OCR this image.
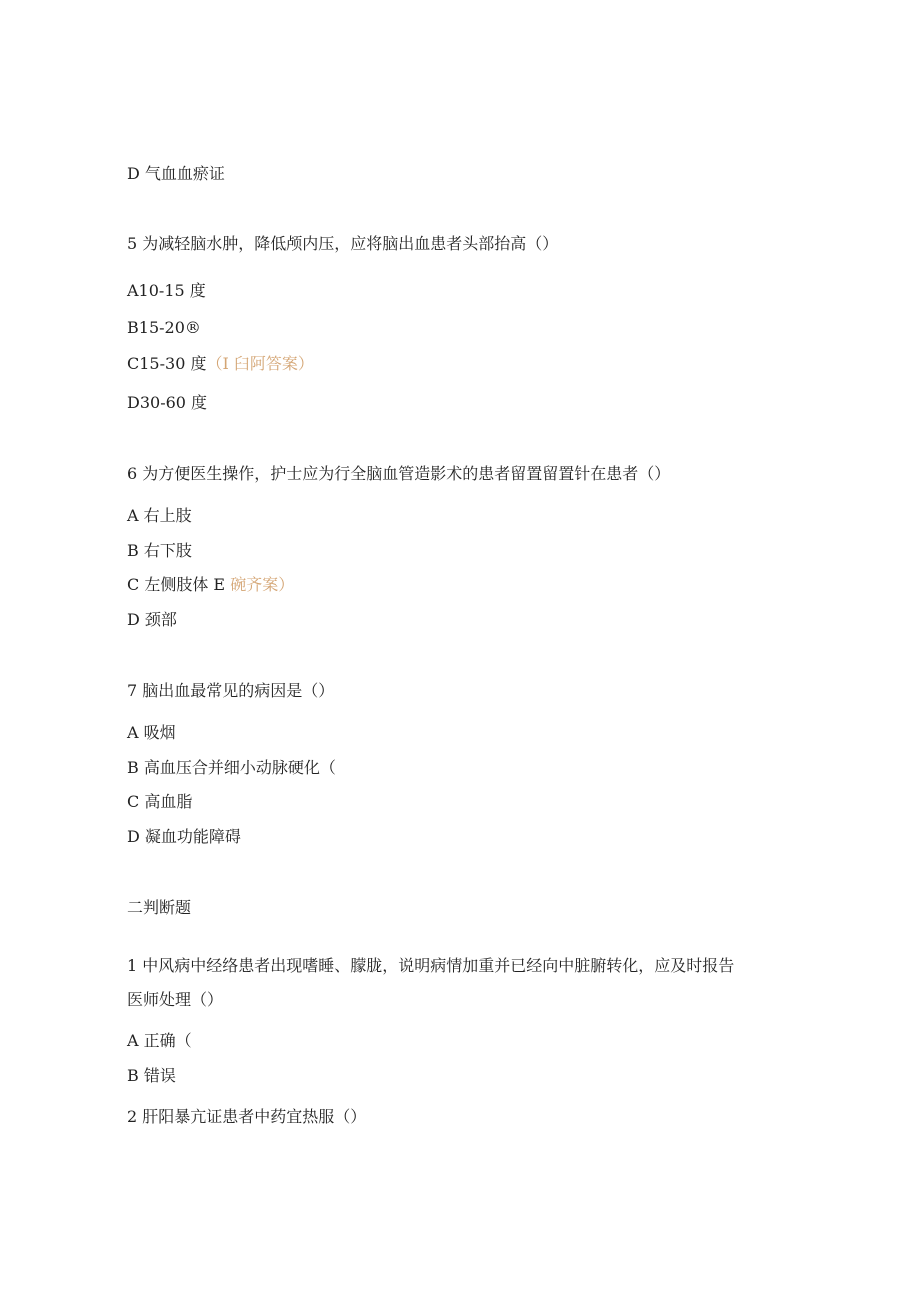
D 气血血瘀证
5 为减轻脑水肿，降低颅内压，应将脑出血患者头部抬高（）
A10-15 度
B15-20®
C15-30 度（I 臼阿答案）
D30-60 度
6 为方便医生操作，护士应为行全脑血管造影术的患者留置留置针在患者（）
A 右上肢
B 右下肢
C 左侧肢体 E 碗齐案）
D 颈部
7 脑出血最常见的病因是（）
A 吸烟
B 高血压合并细小动脉硬化（
C 高血脂
D 凝血功能障碍
二判断题
1 中风病中经络患者出现嗜睡、朦胧，说明病情加重并已经向中脏腑转化，应及时报告
医师处理（）
A 正确（
B 错误
2 肝阳暴亢证患者中药宜热服（）
